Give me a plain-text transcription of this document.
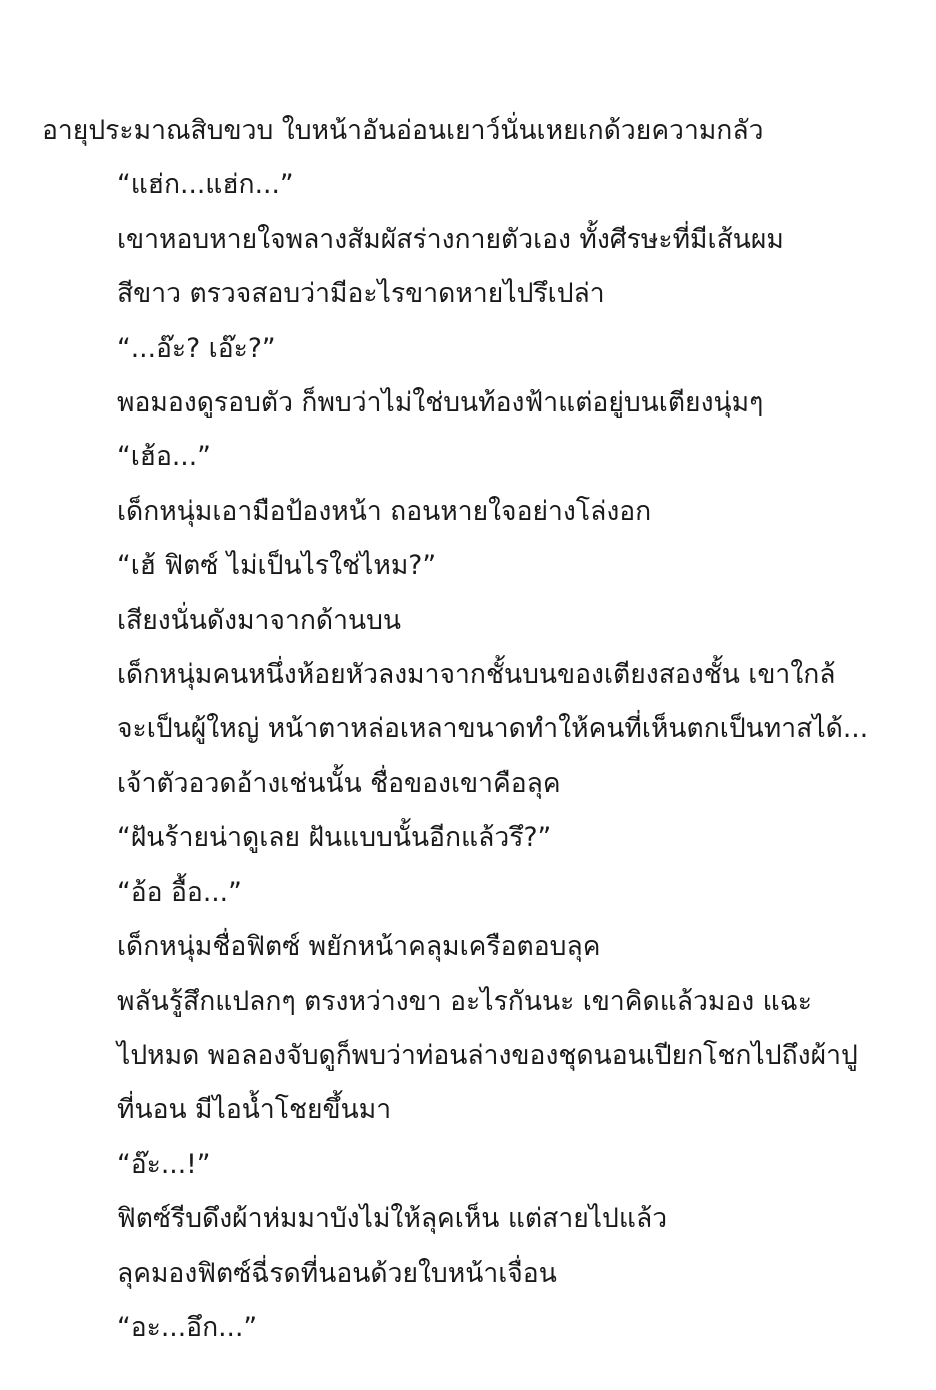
อายุประมาณสิบขวบ ใบหน้าอันอ่อนเยาว์นั่นเหยเกด้วยความกลัว

“แฮ่ก...แฮ่ก...”

เขาหอบหายใจพลางสัมผัสร่างกายตัวเอง ทั้งศีรษะที่มีเส้นผม
สีขาว ตรวจสอบว่ามีอะไรขาดหายไปรึเปล่า

“...อ๊ะ? เอ๊ะ?”

พอมองดูรอบตัว ก็พบว่าไม่ใช่บนท้องฟ้าแต่อยู่บนเตียงนุ่มๆ

“เฮ้อ...”

เด็กหนุ่มเอามือป้องหน้า ถอนหายใจอย่างโล่งอก

“เฮ้ ฟิตซ์ ไม่เป็นไรใช่ไหม?”

เสียงนั่นดังมาจากด้านบน

เด็กหนุ่มคนหนึ่งห้อยหัวลงมาจากชั้นบนของเตียงสองชั้น เขาใกล้
จะเป็นผู้ใหญ่ หน้าตาหล่อเหลาขนาดทำให้คนที่เห็นตกเป็นทาสได้...
เจ้าตัวอวดอ้างเช่นนั้น ชื่อของเขาคือลุค

“ฝันร้ายน่าดูเลย ฝันแบบนั้นอีกแล้วรึ?”

“อ้อ อื้อ...”

เด็กหนุ่มชื่อฟิตซ์ พยักหน้าคลุมเครือตอบลุค

พลันรู้สึกแปลกๆ ตรงหว่างขา อะไรกันนะ เขาคิดแล้วมอง แฉะ
ไปหมด พอลองจับดูก็พบว่าท่อนล่างของชุดนอนเปียกโชกไปถึงผ้าปู
ที่นอน มีไอน้ำโชยขึ้นมา

“อ๊ะ...!”

ฟิตซ์รีบดึงผ้าห่มมาบังไม่ให้ลุคเห็น แต่สายไปแล้ว

ลุคมองฟิตซ์ฉี่รดที่นอนด้วยใบหน้าเจื่อน

“อะ...อึก...”
